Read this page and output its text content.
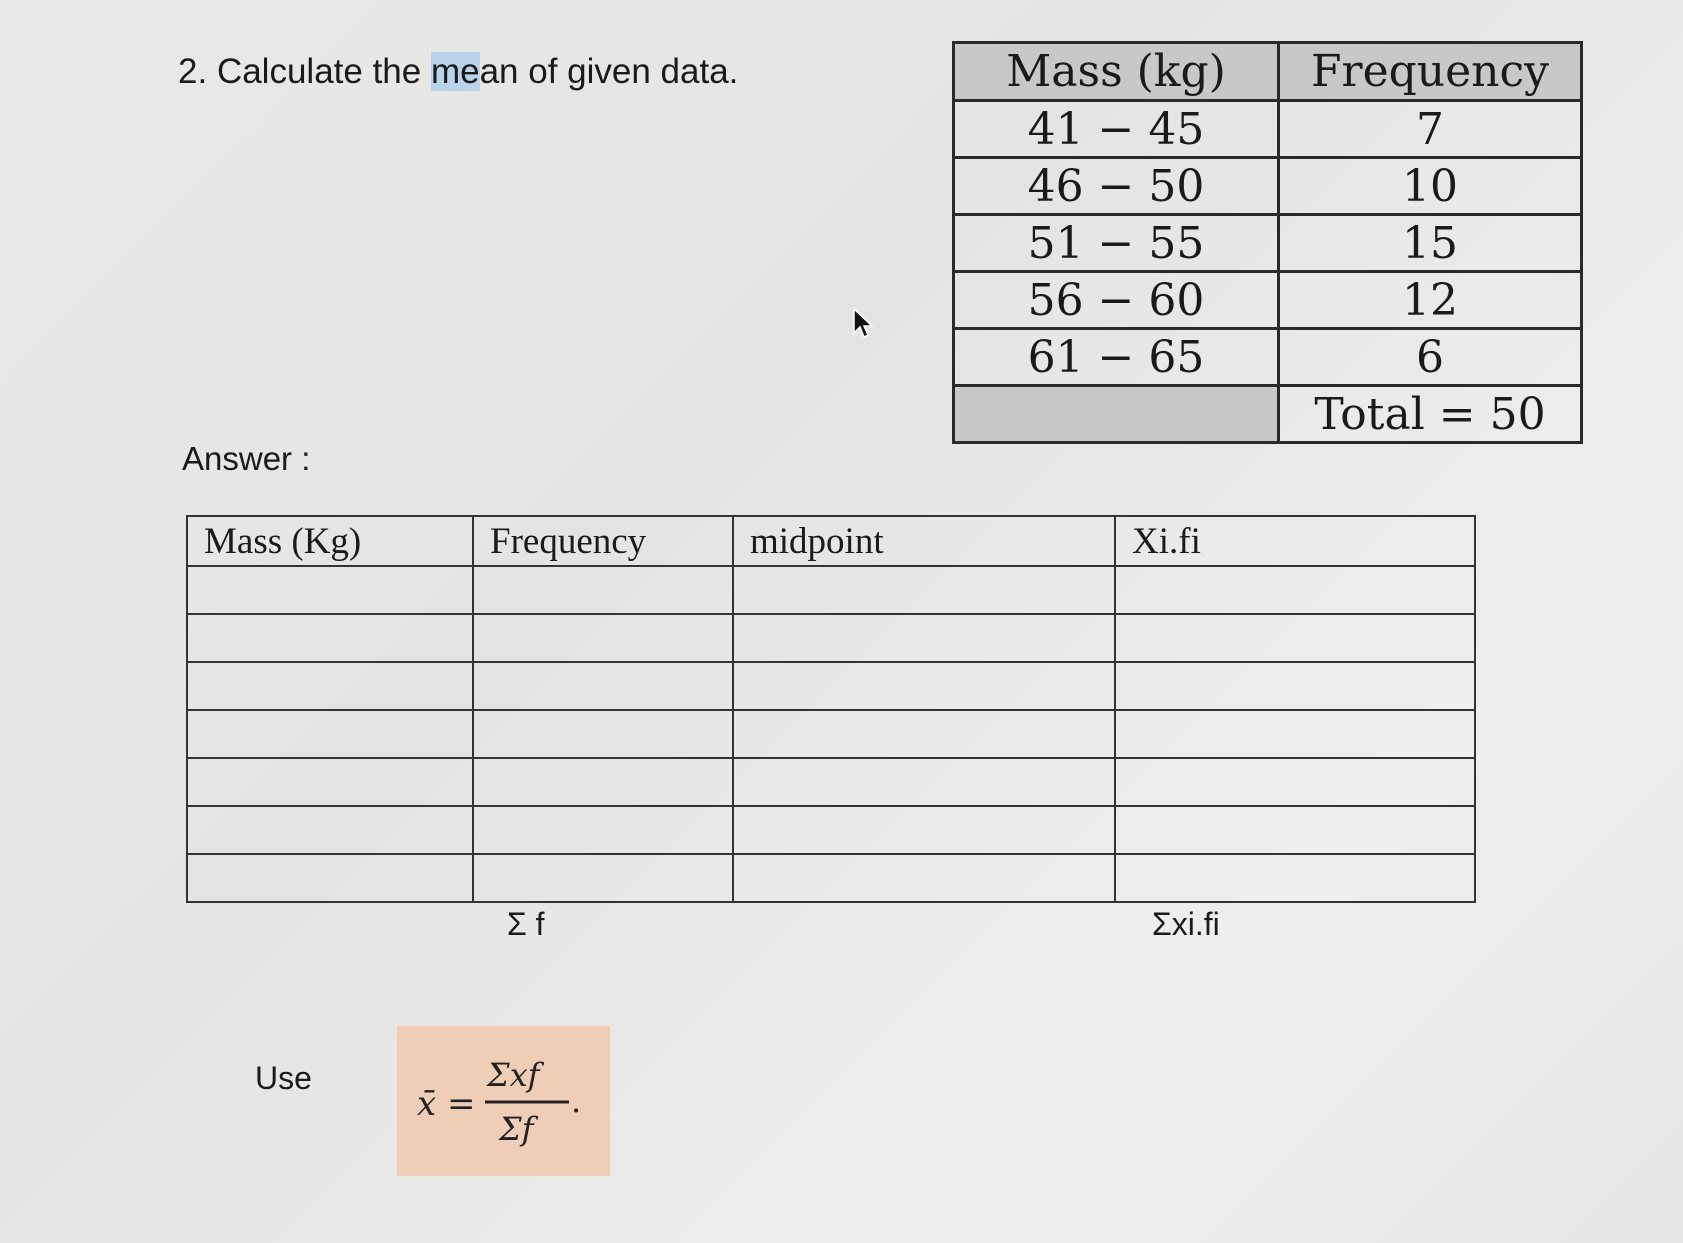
2. Calculate the mean of given data.	Mass (kg)	Frequency
41 − 45	7
46 − 50	10
51 − 55	15
56 − 60	12
61 − 65	6
	Total = 50
Answer :
Mass (Kg)	Frequency	midpoint	Xi.fi

Σ f	Σxi.fi
Use
x̄ =
Σxf
Σf
.
